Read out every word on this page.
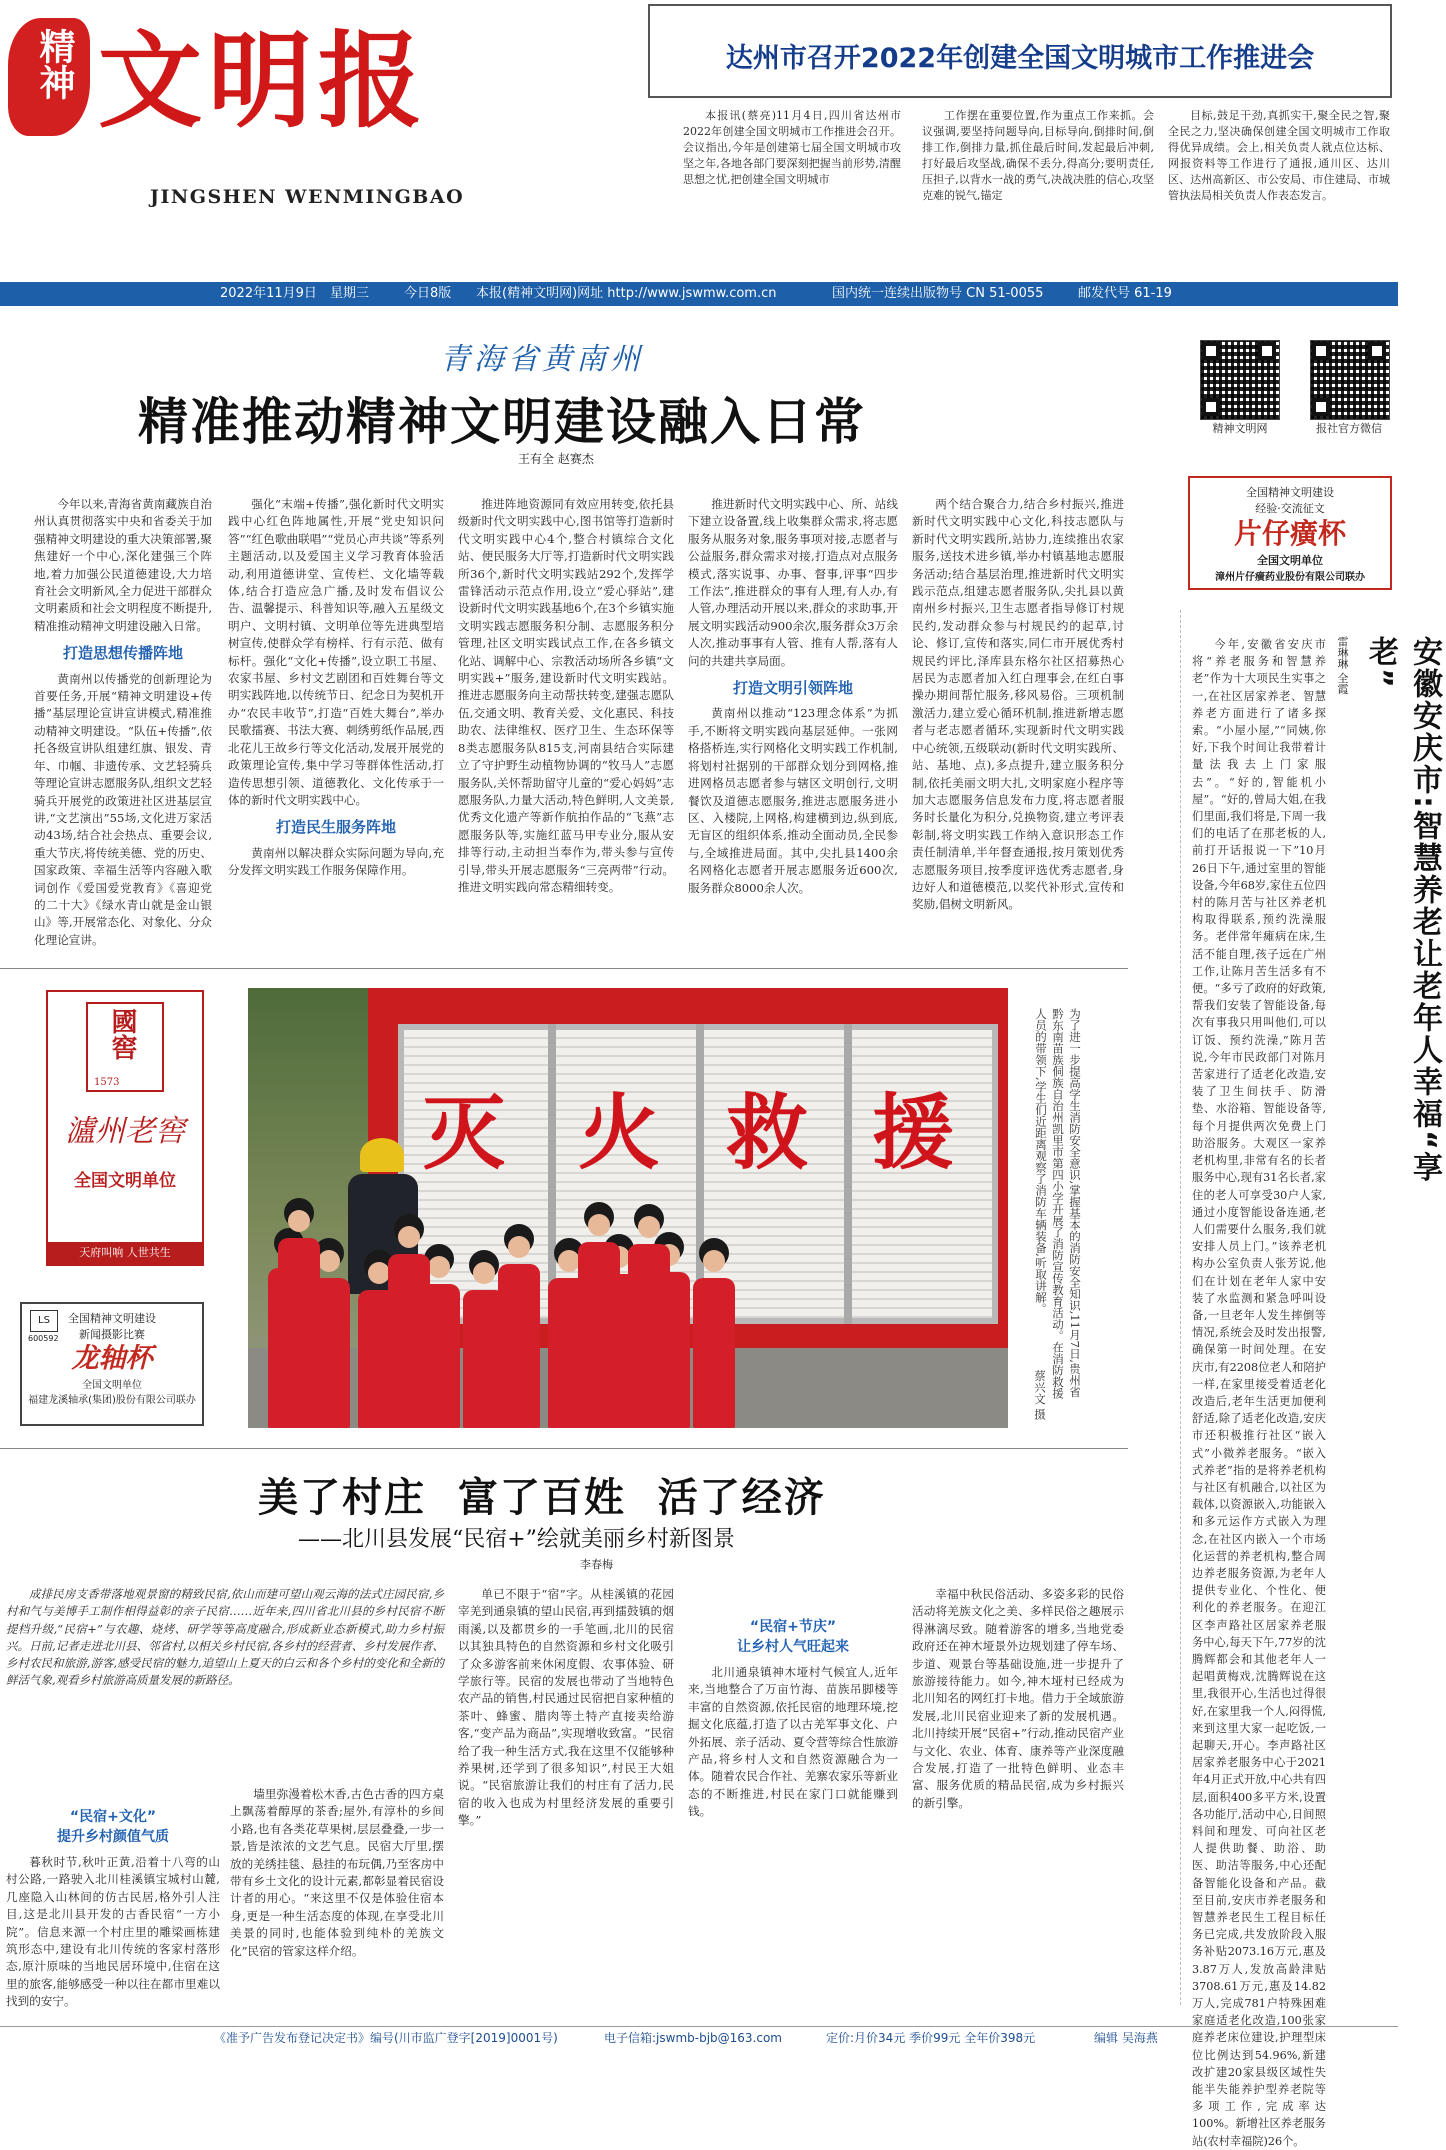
精神 文明报
JINGSHEN WENMINGBAO
达州市召开2022年创建全国文明城市工作推进会

本报讯(蔡亮)11月4日,四川省达州市2022年创建全国文明城市工作推进会召开。会议指出,今年是创建第七届全国文明城市攻坚之年,各地各部门要深刻把握当前形势,清醒思想之忧,把创建全国文明城市

工作摆在重要位置,作为重点工作来抓。会议强调,要坚持问题导向,目标导向,倒排时间,倒排工作,倒排力量,抓住最后时间,发起最后冲刺,打好最后攻坚战,确保不丢分,得高分;要明责任,压担子,以背水一战的勇气,决战决胜的信心,攻坚克难的锐气,锚定

目标,鼓足干劲,真抓实干,聚全民之智,聚全民之力,坚决确保创建全国文明城市工作取得优异成绩。会上,相关负责人就点位达标、网报资料等工作进行了通报,通川区、达川区、达州高新区、市公安局、市住建局、市城管执法局相关负责人作表态发言。

2022年11月9日 星期三	今日8版 本报(精神文明网)网址 http://www.jswmw.com.cn	国内统一连续出版物号 CN 51-0055	邮发代号 61-19
青海省黄南州
精准推动精神文明建设融入日常
王有全 赵赛杰

今年以来,青海省黄南藏族自治州认真贯彻落实中央和省委关于加强精神文明建设的重大决策部署,聚焦建好一个中心,深化建强三个阵地,着力加强公民道德建设,大力培育社会文明新风,全力促进干部群众文明素质和社会文明程度不断提升,精准推动精神文明建设融入日常。

打造思想传播阵地

黄南州以传播党的创新理论为首要任务,开展“精神文明建设+传播”基层理论宣讲宣讲模式,精准推动精神文明建设。“队伍+传播”,依托各级宣讲队组建红旗、银发、青年、巾帼、非遗传承、文艺轻骑兵等理论宣讲志愿服务队,组织文艺轻骑兵开展党的政策进社区进基层宣讲,“文艺演出”55场,文化进万家活动43场,结合社会热点、重要会议,重大节庆,将传统美德、党的历史、国家政策、幸福生活等内容融入歌词创作《爱国爱党教育》《喜迎党的二十大》《绿水青山就是金山银山》等,开展常态化、对象化、分众化理论宣讲。

强化“末端+传播”,强化新时代文明实践中心红色阵地属性,开展“党史知识问答”“红色歌曲联唱”“党员心声共谈”等系列主题活动,以及爱国主义学习教育体验活动,利用道德讲堂、宣传栏、文化墙等载体,结合打造应急广播,及时发布倡议公告、温馨提示、科普知识等,融入五星级文明户、文明村镇、文明单位等先进典型培树宣传,使群众学有榜样、行有示范、做有标杆。强化“文化+传播”,设立职工书屋、农家书屋、乡村文艺剧团和百姓舞台等文明实践阵地,以传统节日、纪念日为契机开办“农民丰收节”,打造“百姓大舞台”,举办民歌擂赛、书法大赛、刺绣剪纸作品展,西北花儿王故乡行等文化活动,发展开展党的政策理论宣传,集中学习等群体性活动,打造传思想引领、道德教化、文化传承于一体的新时代文明实践中心。

打造民生服务阵地

黄南州以解决群众实际问题为导向,充分发挥文明实践工作服务保障作用。

推进阵地资源同有效应用转变,依托县级新时代文明实践中心,图书馆等打造新时代文明实践中心4个,整合村镇综合文化站、便民服务大厅等,打造新时代文明实践所36个,新时代文明实践站292个,发挥学雷锋活动示范点作用,设立“爱心驿站”,建设新时代文明实践基地6个,在3个乡镇实施文明实践志愿服务积分制、志愿服务积分管理,社区文明实践试点工作,在各乡镇文化站、调解中心、宗教活动场所各乡镇“文明实践+”服务,建设新时代文明实践站。推进志愿服务向主动帮扶转变,建强志愿队伍,交通文明、教育关爱、文化惠民、科技助农、法律维权、医疗卫生、生态环保等8类志愿服务队815支,河南县结合实际建立了守护野生动植物协调的“牧马人”志愿服务队,关怀帮助留守儿童的“爱心妈妈”志愿服务队,力量大活动,特色鲜明,人文美景,优秀文化遗产等新作航拍作品的“飞燕”志愿服务队等,实施红蓝马甲专业分,服从安排等行动,主动担当奉作为,带头参与宣传引导,带头开展志愿服务“三亮两带”行动。推进文明实践向常态精细转变。

推进新时代文明实践中心、所、站线下建立设备置,线上收集群众需求,将志愿服务从服务对象,服务事项对接,志愿者与公益服务,群众需求对接,打造点对点服务模式,落实说事、办事、督事,评事“四步工作法”,推进群众的事有人理,有人办,有人管,办理活动开展以来,群众的求助事,开展文明实践活动900余次,服务群众3万余人次,推动事事有人管、推有人帮,落有人问的共建共享局面。

打造文明引领阵地

黄南州以推动“123理念体系”为抓手,不断将文明实践向基层延伸。一张网格搭桥连,实行网格化文明实践工作机制,将划村社据别的干部群众划分到网格,推进网格员志愿者参与辖区文明创行,文明餐饮及道德志愿服务,推进志愿服务进小区、入楼院,上网格,构建横到边,纵到底,无盲区的组织体系,推动全面动员,全民参与,全域推进局面。其中,尖扎县1400余名网格化志愿者开展志愿服务近600次,服务群众8000余人次。

两个结合聚合力,结合乡村振兴,推进新时代文明实践中心文化,科技志愿队与新时代文明实践所,站协力,连续推出农家服务,送技术进乡镇,举办村镇基地志愿服务活动;结合基层治理,推进新时代文明实践示范点,组建志愿者服务队,尖扎县以黄南州乡村振兴,卫生志愿者指导修订村规民约,发动群众参与村规民约的起草,讨论、修订,宣传和落实,同仁市开展优秀村规民约评比,泽库县东格尔社区招募热心居民为志愿者加入红白理事会,在红白事操办期间帮忙服务,移风易俗。三项机制激活力,建立爱心循环机制,推进新增志愿者与老志愿者循环,实现新时代文明实践中心统领,五级联动(新时代文明实践所、站、基地、点),多点提升,建立服务积分制,依托美丽文明大扎,文明家庭小程序等加大志愿服务信息发布力度,将志愿者服务时长量化为积分,兑换物资,建立考评表彰制,将文明实践工作纳入意识形态工作责任制清单,半年督查通报,按月策划优秀志愿服务项目,按季度评选优秀志愿者,身边好人和道德模范,以奖代补形式,宣传和奖励,倡树文明新风。

精神文明网	报社官方微信
全国精神文明建设
经验·交流征文
片仔癀杯
全国文明单位
漳州片仔癀药业股份有限公司联办
安徽安庆市:智慧养老让老年人幸福“享老”
雷琳琳 全霞

今年,安徽省安庆市将“养老服务和智慧养老”作为十大项民生实事之一,在社区居家养老、智慧养老方面进行了诸多探索。“小屋小屋,”“同姨,你好,下我个时间让我带着计量法我去上门家服去”。“好的,智能机小屋”。“好的,曾局大姐,在我们里面,我们将是,下周一我们的电话了在那老板的人,前打开话报说一下”10月26日下午,通过室里的智能设备,今年68岁,家住五位四村的陈月苦与社区养老机构取得联系,预约洗澡服务。老伴常年瘫病在床,生活不能自理,孩子远在广州工作,让陈月苦生活多有不便。“多亏了政府的好政策,帮我们安装了智能设备,每次有事我只用叫他们,可以订饭、预约洗澡,“陈月苦说,今年市民政部门对陈月苦家进行了适老化改造,安装了卫生间扶手、防滑垫、水浴箱、智能设备等,每个月提供两次免费上门助浴服务。大观区一家养老机构里,非常有名的长者服务中心,现有31名长者,家住的老人可享受30户人家,通过小度智能设备连通,老人们需要什么服务,我们就安排人员上门。”该养老机构办公室负责人张芳说,他们在计划在老年人家中安装了水监测和紧急呼叫设备,一旦老年人发生摔倒等情况,系统会及时发出报警,确保第一时间处理。在安庆市,有2208位老人和陪护一样,在家里接受着适老化改造后,老年生活更加便利舒适,除了适老化改造,安庆市还积极推行社区“嵌入式”小微养老服务。“嵌入式养老”指的是将养老机构与社区有机融合,以社区为载体,以资源嵌入,功能嵌入和多元运作方式嵌入为理念,在社区内嵌入一个市场化运营的养老机构,整合周边养老服务资源,为老年人提供专业化、个性化、便利化的养老服务。在迎江区李声路社区居家养老服务中心,每天下午,77岁的沈腾辉都会和其他老年人一起唱黄梅戏,沈腾辉说在这里,我很开心,生活也过得很好,在家里我一个人,闷得慌,来到这里大家一起吃饭,一起聊天,开心。李声路社区居家养老服务中心于2021年4月正式开放,中心共有四层,面积400多平方米,设置各功能厅,活动中心,日间照料间和理发、可向社区老人提供助餐、助浴、助医、助洁等服务,中心还配备智能化设备和产品。截至目前,安庆市养老服务和智慧养老民生工程目标任务已完成,共发放阶段入服务补贴2073.16万元,惠及3.87万人,发放高龄津贴3708.61万元,惠及14.82万人,完成781户特殊困难家庭适老化改造,100张家庭养老床位建设,护理型床位比例达到54.96%,新建改扩建20家县级区域性失能半失能养护型养老院等多项工作,完成率达100%。新增社区养老服务站(农村幸福院)26个。

國窖
1573
瀘州老窖
全国文明单位
天府叫响 人世共生
全国精神文明建设
新闻摄影比赛
LS
600592
龙轴杯
全国文明单位
福建龙溪轴承(集团)股份有限公司联办
灭 火 救 援	为了进一步提高学生消防安全意识,掌握基本的消防安全知识,11月7日,贵州省黔东南苗族侗族自治州凯里市第四小学开展了消防宣传教育活动。在消防救援人员的带领下,学生们近距离观察了消防车辆装备,听取讲解。
蔡兴文 摄
美了村庄  富了百姓  活了经济
——北川县发展“民宿+”绘就美丽乡村新图景
李春梅

成排民房支香带落地观景窗的精致民宿,依山而建可望山观云海的法式庄园民宿,乡村和气与美博手工制作相得益彰的亲子民宿……近年来,四川省北川县的乡村民宿不断提档升级,“民宿+”与农趣、烧烤、研学等等高度融合,形成新业态新模式,助力乡村振兴。日前,记者走进北川县、邻省村,以相关乡村民宿,各乡村的经营者、乡村发展作者、乡村农民和旅游,游客,感受民宿的魅力,追望山上夏天的白云和各个乡村的变化和全新的鲜活气象,观看乡村旅游高质量发展的新路径。

“民宿+文化”
提升乡村颜值气质

暮秋时节,秋叶正黄,沿着十八弯的山村公路,一路驶入北川桂溪镇宝城村山麓,几座隐入山林间的仿古民居,格外引人注目,这是北川县开发的古香民宿“一方小院”。信息来源一个村庄里的雕梁画栋建筑形态中,建设有北川传统的客家村落形态,原汁原味的当地民居环境中,住宿在这里的旅客,能够感受一种以往在都市里难以找到的安宁。

墙里弥漫着松木香,古色古香的四方桌上飘荡着醇厚的茶香;屋外,有淳朴的乡间小路,也有各类花草果树,层层叠叠,一步一景,皆是浓浓的文艺气息。民宿大厅里,摆放的羌绣挂毯、悬挂的布玩偶,乃至客房中带有乡土文化的设计元素,都彰显着民宿设计者的用心。“来这里不仅是体验住宿本身,更是一种生活态度的体现,在享受北川美景的同时,也能体验到纯朴的羌族文化”民宿的管家这样介绍。

单已不限于“宿”字。从桂溪镇的花园宰羌到通泉镇的望山民宿,再到擂鼓镇的烟雨溪,以及都贯乡的一手笔画,北川的民宿以其独具特色的自然资源和乡村文化吸引了众多游客前来休闲度假、农事体验、研学旅行等。民宿的发展也带动了当地特色农产品的销售,村民通过民宿把自家种植的茶叶、蜂蜜、腊肉等土特产直接卖给游客,“变产品为商品”,实现增收致富。“民宿给了我一种生活方式,我在这里不仅能够种养果树,还学到了很多知识”,村民王大姐说。“民宿旅游让我们的村庄有了活力,民宿的收入也成为村里经济发展的重要引擎。”

“民宿+节庆”
让乡村人气旺起来

北川通泉镇神木垭村气候宜人,近年来,当地整合了万亩竹海、苗族吊脚楼等丰富的自然资源,依托民宿的地理环境,挖掘文化底蕴,打造了以古羌军事文化、户外拓展、亲子活动、夏令营等综合性旅游产品,将乡村人文和自然资源融合为一体。随着农民合作社、羌寨农家乐等新业态的不断推进,村民在家门口就能赚到钱。

幸福中秋民俗活动、多姿多彩的民俗活动将羌族文化之美、多样民俗之趣展示得淋漓尽致。随着游客的增多,当地党委政府还在神木垭景外边规划建了停车场、步道、观景台等基础设施,进一步提升了旅游接待能力。如今,神木垭村已经成为北川知名的网红打卡地。借力于全域旅游发展,北川民宿业迎来了新的发展机遇。北川持续开展“民宿+”行动,推动民宿产业与文化、农业、体育、康养等产业深度融合发展,打造了一批特色鲜明、业态丰富、服务优质的精品民宿,成为乡村振兴的新引擎。

《准予广告发布登记决定书》编号(川市监广登字[2019]0001号)	电子信箱:jswmb-bjb@163.com	定价:月价34元 季价99元 全年价398元	编辑 吴海燕
